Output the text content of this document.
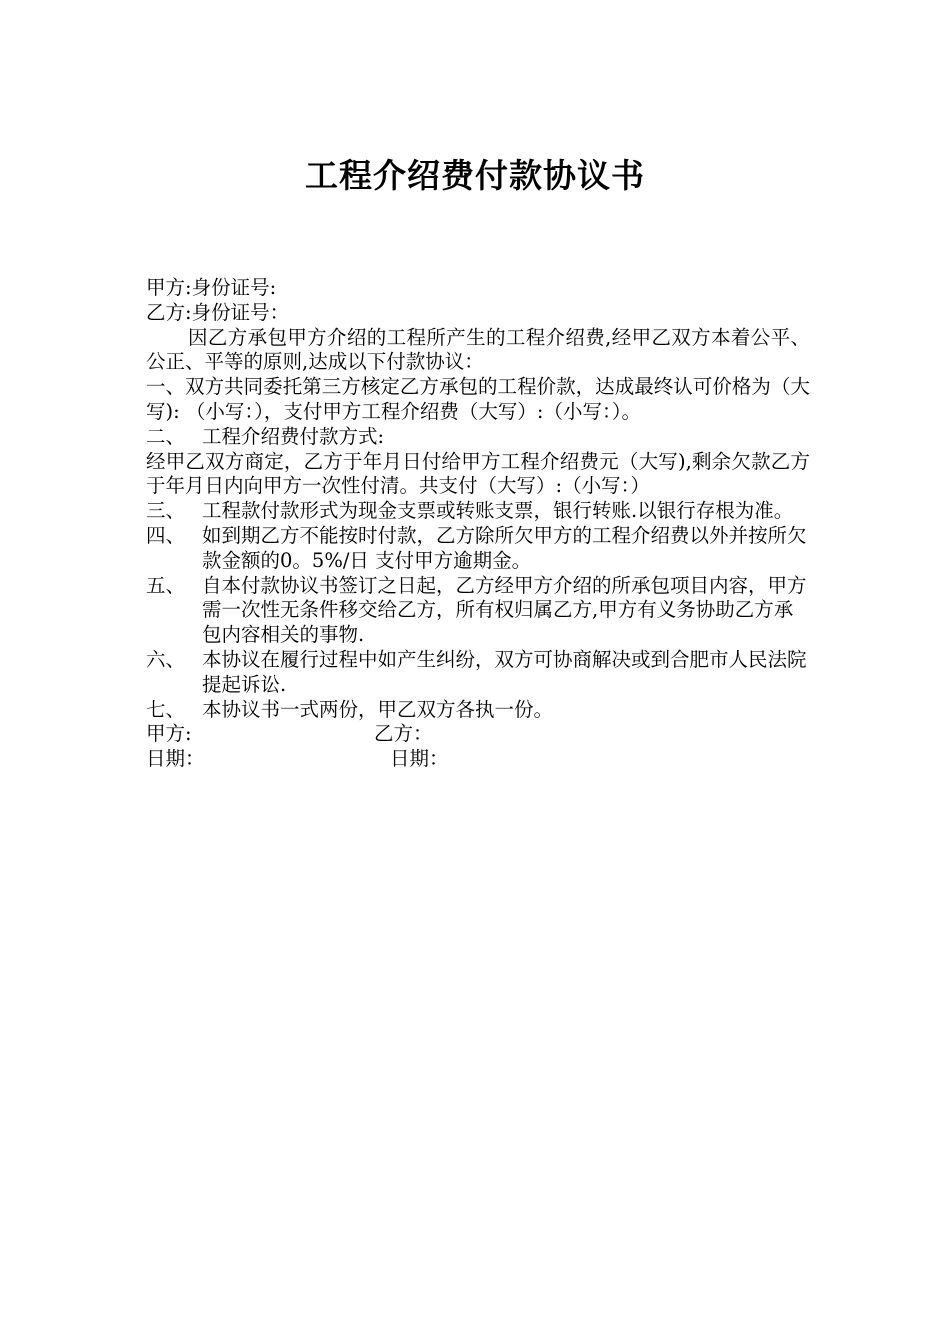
工程介绍费付款协议书
甲方:身份证号:
乙方:身份证号：
因乙方承包甲方介绍的工程所产生的工程介绍费,经甲乙双方本着公平、公正、平等的原则,达成以下付款协议：
一、双方共同委托第三方核定乙方承包的工程价款，达成最终认可价格为（大写): （小写：），支付甲方工程介绍费（大写）:（小写：）。
二、 工程介绍费付款方式:
经甲乙双方商定，乙方于年月日付给甲方工程介绍费元（大写),剩余欠款乙方于年月日内向甲方一次性付清。共支付（大写）:（小写：）
三、 工程款付款形式为现金支票或转账支票，银行转账.以银行存根为准。
四、 如到期乙方不能按时付款，乙方除所欠甲方的工程介绍费以外并按所欠款金额的0。5%/日 支付甲方逾期金。
五、 自本付款协议书签订之日起，乙方经甲方介绍的所承包项目内容，甲方需一次性无条件移交给乙方，所有权归属乙方,甲方有义务协助乙方承包内容相关的事物.
六、 本协议在履行过程中如产生纠纷，双方可协商解决或到合肥市人民法院提起诉讼.
七、 本协议书一式两份，甲乙双方各执一份。
甲方:	乙方：
日期：	日期：
